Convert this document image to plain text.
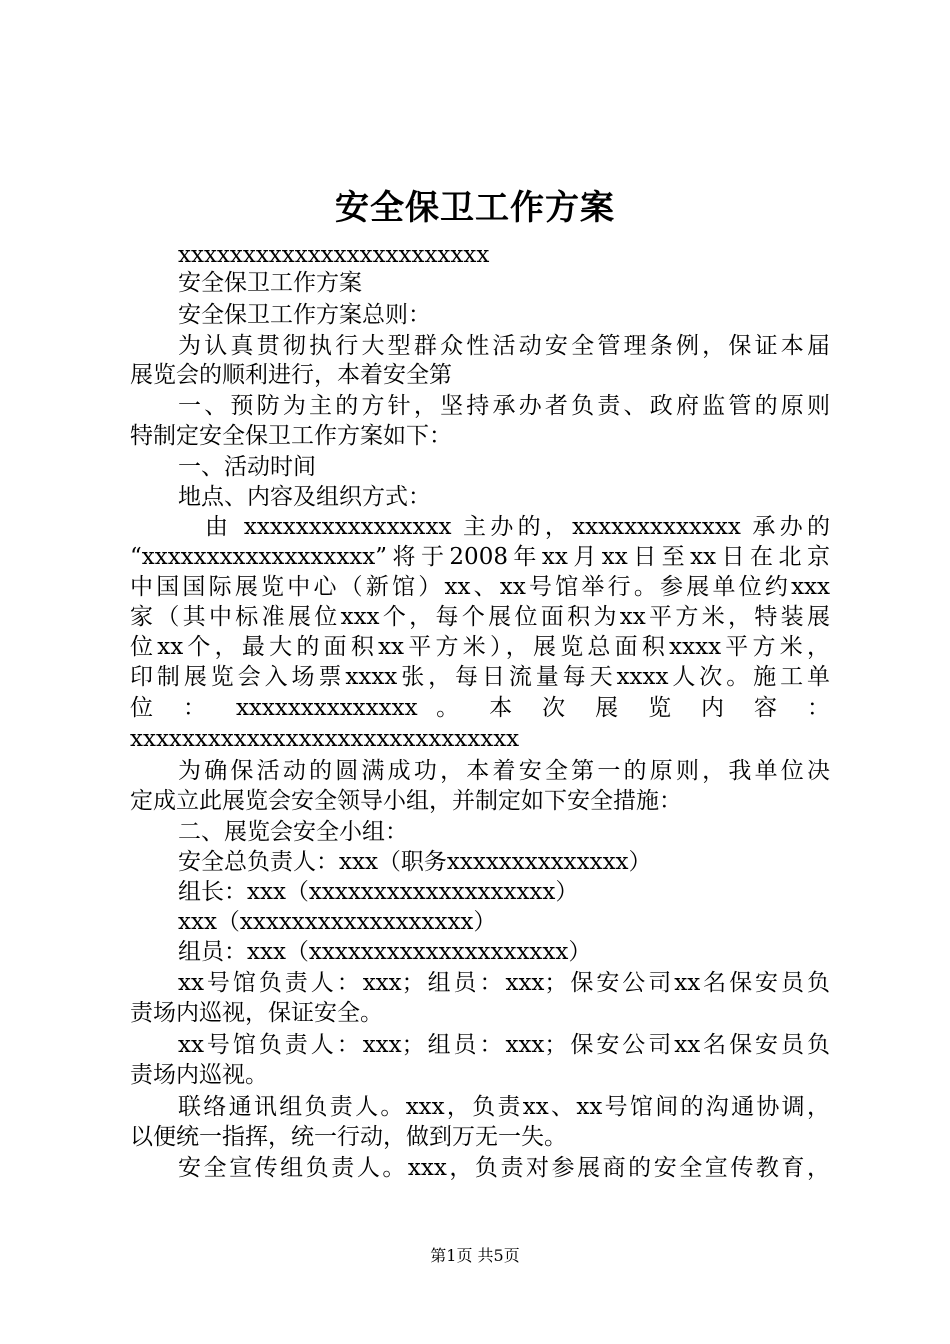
安全保卫工作方案
xxxxxxxxxxxxxxxxxxxxxxxx
安全保卫工作方案
安全保卫工作方案总则：
为认真贯彻执行大型群众性活动安全管理条例，保证本届
展览会的顺利进行，本着安全第
一、预防为主的方针，坚持承办者负责、政府监管的原则
特制定安全保卫工作方案如下：
一、活动时间
地点、内容及组织方式：
由 xxxxxxxxxxxxxxxx 主办的，xxxxxxxxxxxxx 承办的
“xxxxxxxxxxxxxxxxxx”将于2008年xx月xx日至xx日在北京
中国国际展览中心（新馆）xx、xx号馆举行。参展单位约xxx
家（其中标准展位xxx个，每个展位面积为xx平方米，特装展
位xx个，最大的面积xx平方米），展览总面积xxxx平方米，
印制展览会入场票xxxx张，每日流量每天xxxx人次。施工单
位 ： xxxxxxxxxxxxxx 。 本 次 展 览 内 容 ：
xxxxxxxxxxxxxxxxxxxxxxxxxxxxxx
为确保活动的圆满成功，本着安全第一的原则，我单位决
定成立此展览会安全领导小组，并制定如下安全措施：
二、展览会安全小组：
安全总负责人：xxx（职务xxxxxxxxxxxxxx）
组长：xxx（xxxxxxxxxxxxxxxxxxx）
xxx（xxxxxxxxxxxxxxxxxx）
组员：xxx（xxxxxxxxxxxxxxxxxxxx）
xx号馆负责人：xxx；组员：xxx；保安公司xx名保安员负
责场内巡视，保证安全。
xx号馆负责人：xxx；组员：xxx；保安公司xx名保安员负
责场内巡视。
联络通讯组负责人。xxx，负责xx、xx号馆间的沟通协调，
以便统一指挥，统一行动，做到万无一失。
安全宣传组负责人。xxx，负责对参展商的安全宣传教育，
第1页 共5页
